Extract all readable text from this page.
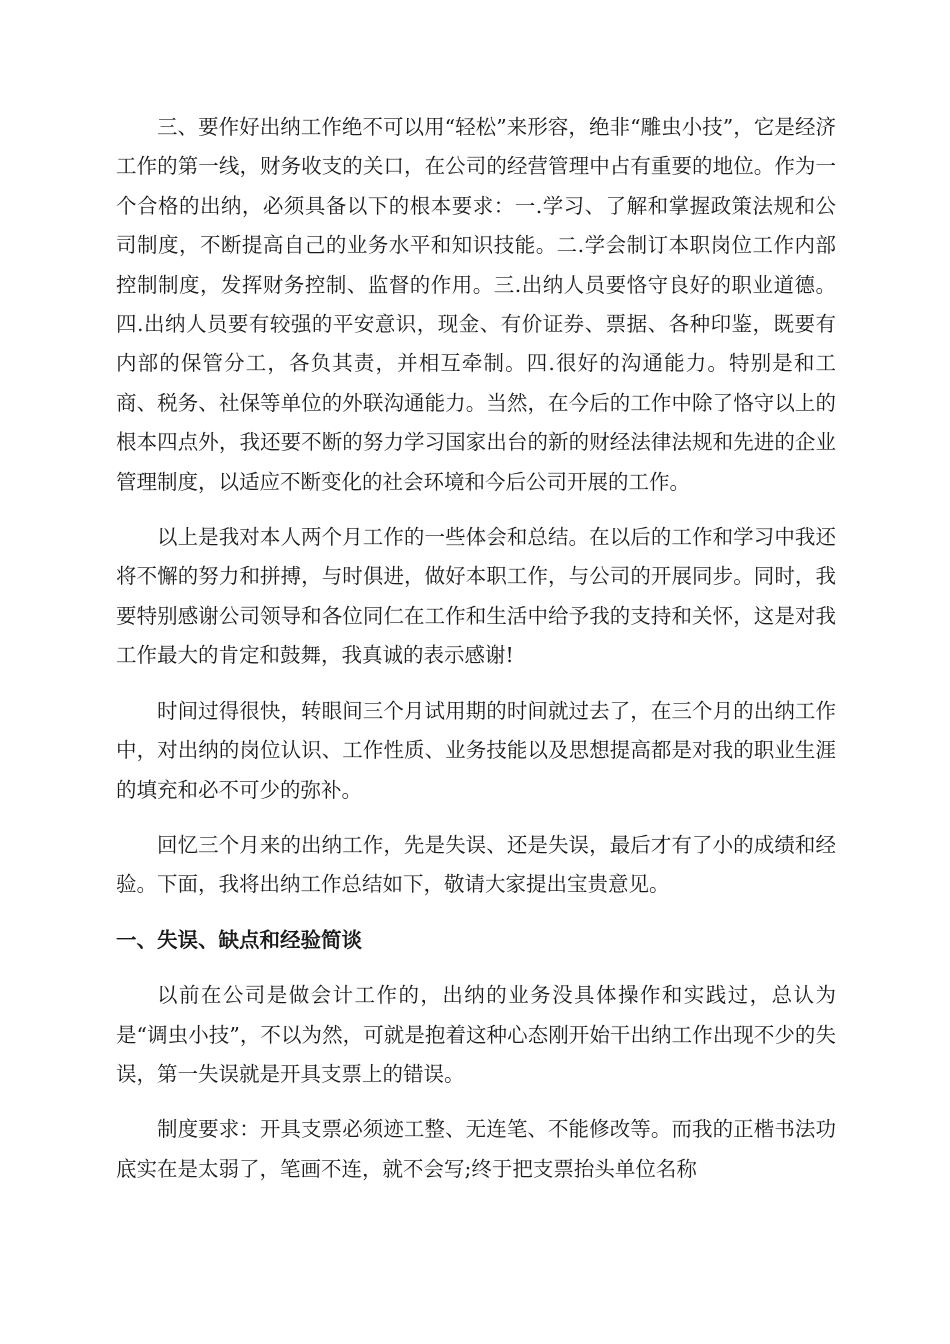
三、要作好出纳工作绝不可以用“轻松”来形容，绝非“雕虫小技”，它是经济工作的第一线，财务收支的关口，在公司的经营管理中占有重要的地位。作为一个合格的出纳，必须具备以下的根本要求：一.学习、了解和掌握政策法规和公司制度，不断提高自己的业务水平和知识技能。二.学会制订本职岗位工作内部控制制度，发挥财务控制、监督的作用。三.出纳人员要恪守良好的职业道德。四.出纳人员要有较强的平安意识，现金、有价证券、票据、各种印鉴，既要有内部的保管分工，各负其责，并相互牵制。四.很好的沟通能力。特别是和工商、税务、社保等单位的外联沟通能力。当然，在今后的工作中除了恪守以上的根本四点外，我还要不断的努力学习国家出台的新的财经法律法规和先进的企业管理制度，以适应不断变化的社会环境和今后公司开展的工作。

以上是我对本人两个月工作的一些体会和总结。在以后的工作和学习中我还将不懈的努力和拼搏，与时俱进，做好本职工作，与公司的开展同步。同时，我要特别感谢公司领导和各位同仁在工作和生活中给予我的支持和关怀，这是对我工作最大的肯定和鼓舞，我真诚的表示感谢!

时间过得很快，转眼间三个月试用期的时间就过去了，在三个月的出纳工作中，对出纳的岗位认识、工作性质、业务技能以及思想提高都是对我的职业生涯的填充和必不可少的弥补。

回忆三个月来的出纳工作，先是失误、还是失误，最后才有了小的成绩和经验。下面，我将出纳工作总结如下，敬请大家提出宝贵意见。

一、失误、缺点和经验简谈

以前在公司是做会计工作的，出纳的业务没具体操作和实践过，总认为是“调虫小技”，不以为然，可就是抱着这种心态刚开始干出纳工作出现不少的失误，第一失误就是开具支票上的错误。

制度要求：开具支票必须迹工整、无连笔、不能修改等。而我的正楷书法功底实在是太弱了，笔画不连，就不会写;终于把支票抬头单位名称
